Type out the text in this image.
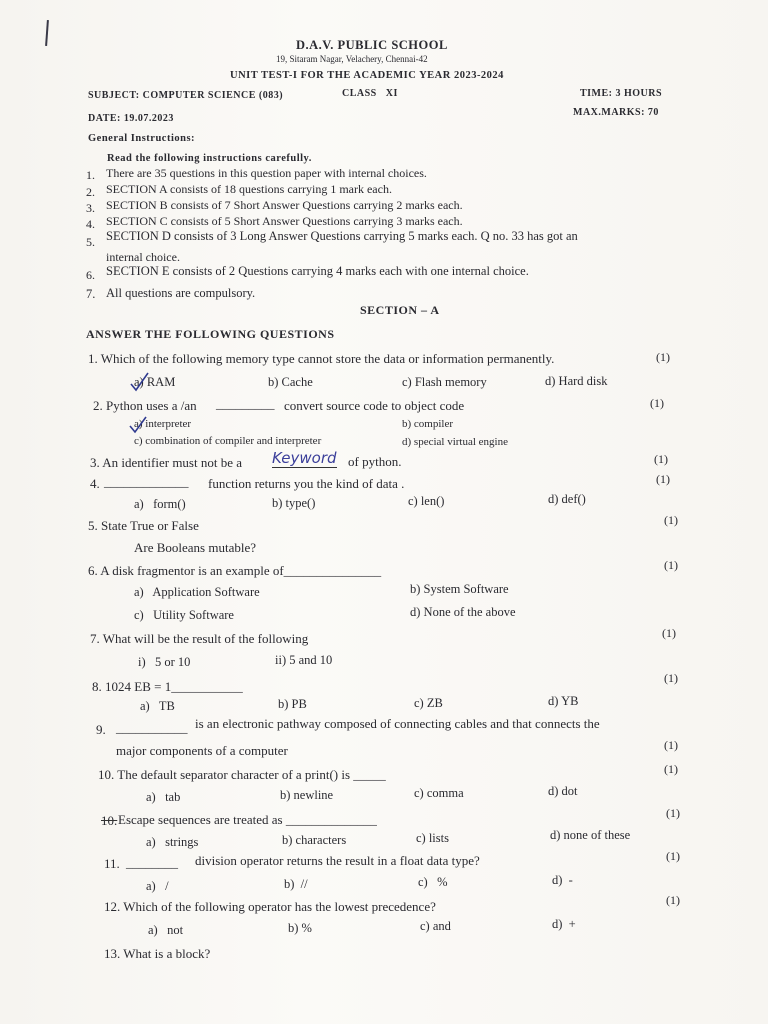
D.A.V. PUBLIC SCHOOL
19, Sitaram Nagar, Velachery, Chennai-42
UNIT TEST-I FOR THE ACADEMIC YEAR 2023-2024
SUBJECT: COMPUTER SCIENCE (083)	CLASS   XI	TIME: 3 HOURS
DATE: 19.07.2023
MAX.MARKS: 70
General Instructions:
Read the following instructions carefully.
1. There are 35 questions in this question paper with internal choices.
2. SECTION A consists of 18 questions carrying 1 mark each.
3. SECTION B consists of 7 Short Answer Questions carrying 2 marks each.
4. SECTION C consists of 5 Short Answer Questions carrying 3 marks each.
5. SECTION D consists of 3 Long Answer Questions carrying 5 marks each. Q no. 33 has got an
internal choice.
6. SECTION E consists of 2 Questions carrying 4 marks each with one internal choice.
7. All questions are compulsory.
SECTION – A
ANSWER THE FOLLOWING QUESTIONS
1. Which of the following memory type cannot store the data or information permanently.	(1)
a) RAM	b) Cache	c) Flash memory	d) Hard disk
2. Python uses a /an _________ convert source code to object code	(1)
a) interpreter	b) compiler
c) combination of compiler and interpreter	d) special virtual engine
3. An identifier must not be a Keyword of python.	(1)
4. _____________ function returns you the kind of data .	(1)
a)   form()	b) type()	c) len()	d) def()
5. State True or False	(1)
Are Booleans mutable?
6. A disk fragmentor is an example of_______________	(1)
a)   Application Software	b) System Software
c)   Utility Software	d) None of the above
7. What will be the result of the following	(1)
i)   5 or 10	ii) 5 and 10
8. 1024 EB = 1___________
(1)
a)   TB	b) PB	c) ZB	d) YB
9. ___________ is an electronic pathway composed of connecting cables and that connects the
major components of a computer	(1)
10. The default separator character of a print() is _____	(1)
a)   tab	b) newline	c) comma	d) dot
10. Escape sequences are treated as ______________	(1)
a)   strings	b) characters	c) lists	d) none of these
11. ________ division operator returns the result in a float data type?	(1)
a)   /	b)  //	c)   %	d)  -
12. Which of the following operator has the lowest precedence?	(1)
a)   not	b) %	c) and	d)  +
13. What is a block?
